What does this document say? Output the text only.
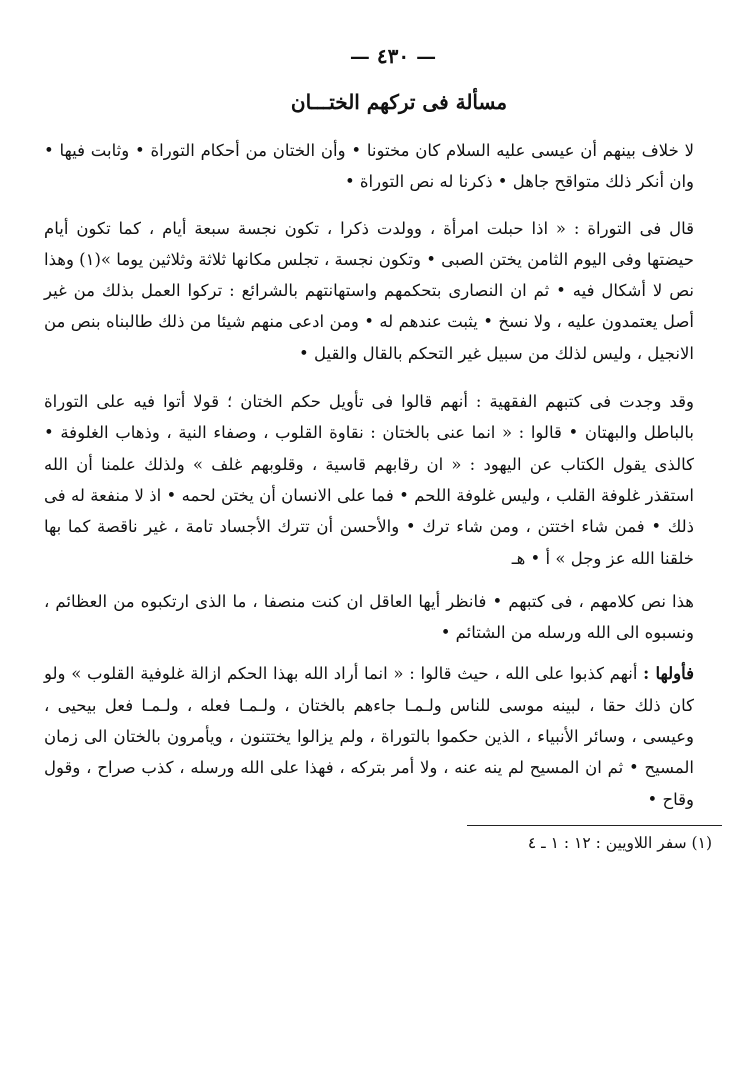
— ٤٣٠ —
مسألة فى تركهم الختـــان

لا خلاف بينهم أن عيسى عليه السلام كان مختونا • وأن الختان من أحكام التوراة • وثابت فيها • وان أنكر ذلك متواقح جاهل • ذكرنا له نص التوراة •

قال فى التوراة : « اذا حبلت امرأة ، وولدت ذكرا ، تكون نجسة سبعة أيام ، كما تكون أيام حيضتها وفى اليوم الثامن يختن الصبى • وتكون نجسة ، تجلس مكانها ثلاثة وثلاثين يوما »(١) وهذا نص لا أشكال فيه • ثم ان النصارى بتحكمهم واستهانتهم بالشرائع : تركوا العمل بذلك من غير أصل يعتمدون عليه ، ولا نسخ • يثبت عندهم له • ومن ادعى منهم شيئا من ذلك طالبناه بنص من الانجيل ، وليس لذلك من سبيل غير التحكم بالقال والقيل •

وقد وجدت فى كتبهم الفقهية : أنهم قالوا فى تأويل حكم الختان ؛ قولا أتوا فيه على التوراة بالباطل والبهتان • قالوا : « انما عنى بالختان : نقاوة القلوب ، وصفاء النية ، وذهاب الغلوفة • كالذى يقول الكتاب عن اليهود : « ان رقابهم قاسية ، وقلوبهم غلف » ولذلك علمنا أن الله استقذر غلوفة القلب ، وليس غلوفة اللحم • فما على الانسان أن يختن لحمه • اذ لا منفعة له فى ذلك • فمن شاء اختتن ، ومن شاء ترك • والأحسن أن تترك الأجساد تامة ، غير ناقصة كما بها خلقنا الله عز وجل » أ • هـ

هذا نص كلامهم ، فى كتبهم • فانظر أيها العاقل ان كنت منصفا ، ما الذى ارتكبوه من العظائم ، ونسبوه الى الله ورسله من الشتائم •

فأولها : أنهم كذبوا على الله ، حيث قالوا : « انما أراد الله بهذا الحكم ازالة غلوفية القلوب » ولو كان ذلك حقا ، لبينه موسى للناس ولـمـا جاءهم بالختان ، ولـمـا فعله ، ولـمـا فعل بيحيى ، وعيسى ، وسائر الأنبياء ، الذين حكموا بالتوراة ، ولم يزالوا يختتنون ، ويأمرون بالختان الى زمان المسيح • ثم ان المسيح لم ينه عنه ، ولا أمر بتركه ، فهذا على الله ورسله ، كذب صراح ، وقول وقاح •

(١) سفر اللاويين : ١٢ : ١ ـ ٤
